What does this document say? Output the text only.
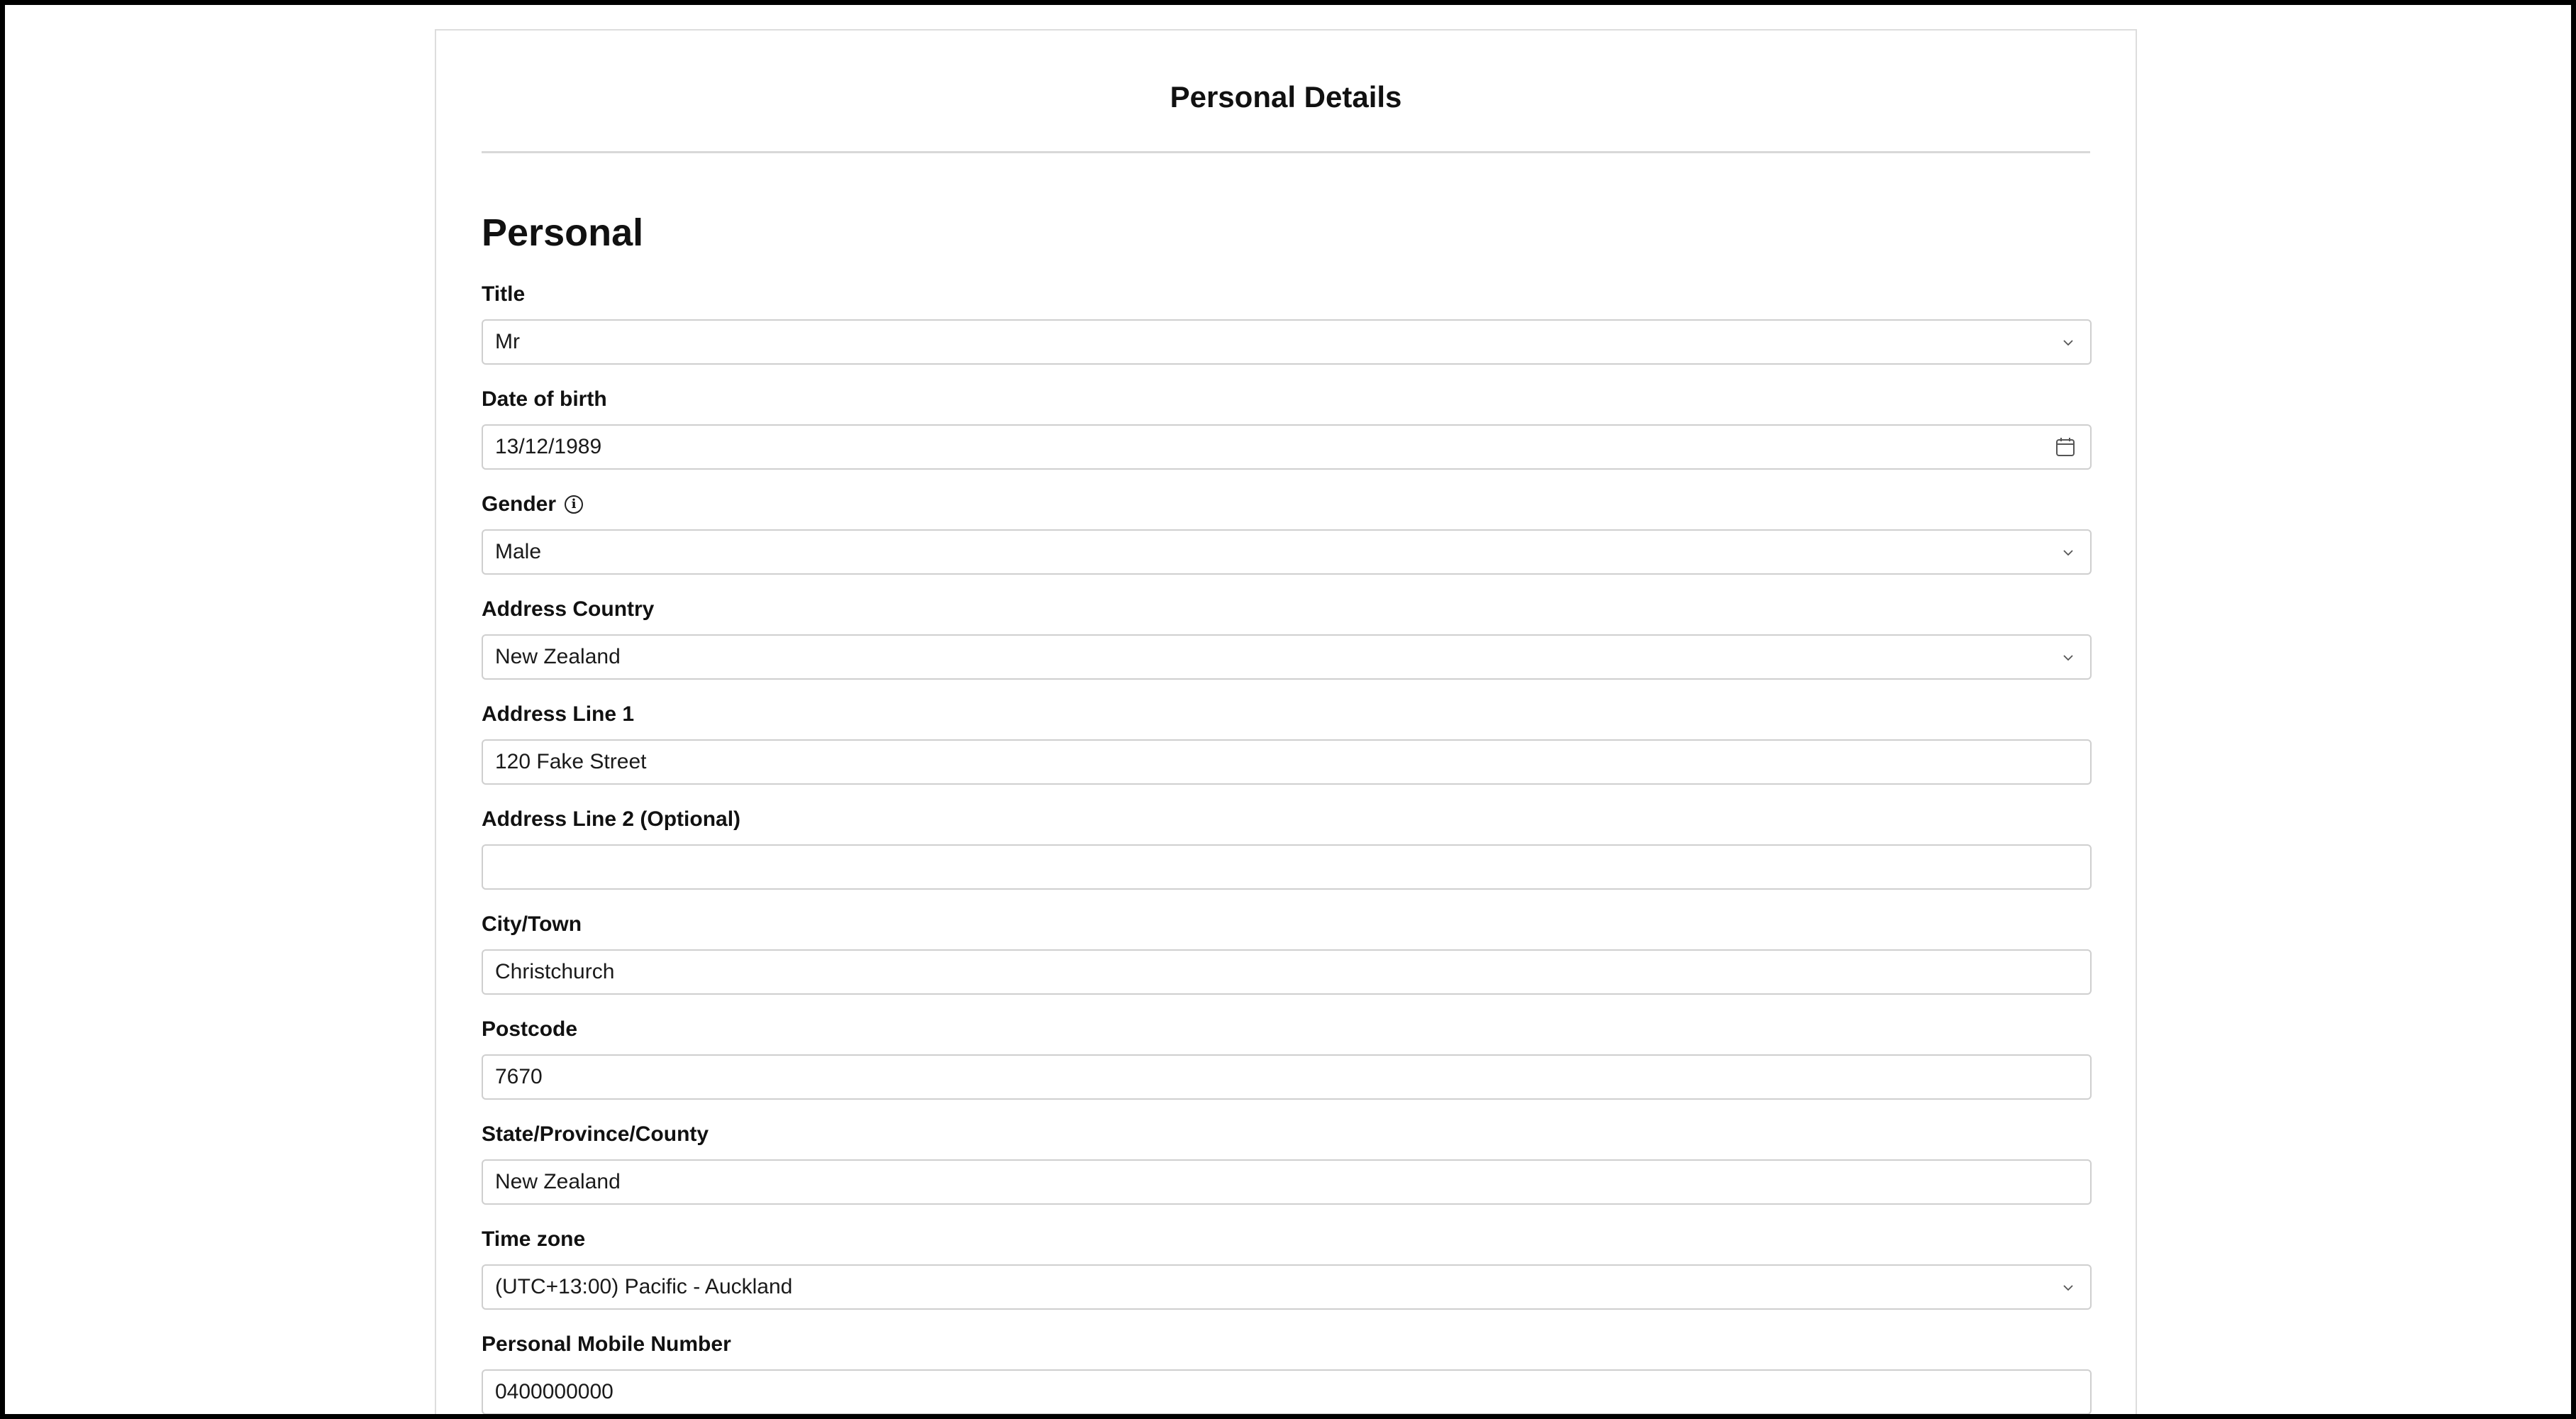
Personal Details
Personal
Title
Mr
Date of birth
13/12/1989
Gender	i
Male
Address Country
New Zealand
Address Line 1
120 Fake Street
Address Line 2 (Optional)
City/Town
Christchurch
Postcode
7670
State/Province/County
New Zealand
Time zone
(UTC+13:00) Pacific - Auckland
Personal Mobile Number
0400000000
